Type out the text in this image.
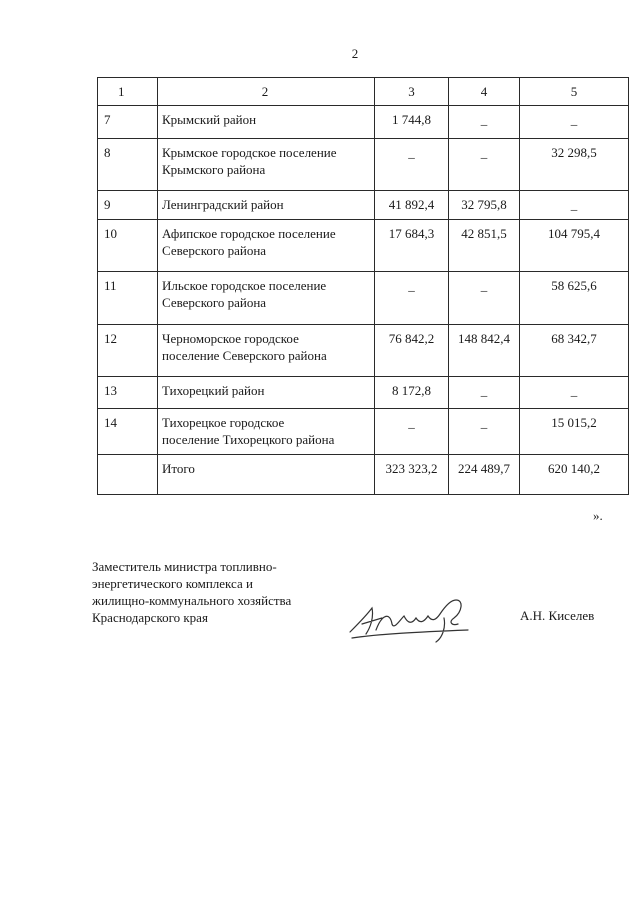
2
1	2	3	4	5

7	Крымский район	1 744,8	_	_

8	Крымское городское поселение
Крымского района	_	_	32 298,5

9	Ленинградский район	41 892,4	32 795,8	_

10	Афипское городское поселение
Северского района	17 684,3	42 851,5	104 795,4

11	Ильское городское поселение
Северского района	_	_	58 625,6

12	Черноморское городское
поселение Северского района	76 842,2	148 842,4	68 342,7

13	Тихорецкий район	8 172,8	_	_

14	Тихорецкое городское
поселение Тихорецкого района	_	_	15 015,2

	Итого	323 323,2	224 489,7	620 140,2
».
Заместитель министра топливно-
энергетического комплекса и
жилищно-коммунального хозяйства
Краснодарского края	А.Н. Киселев
